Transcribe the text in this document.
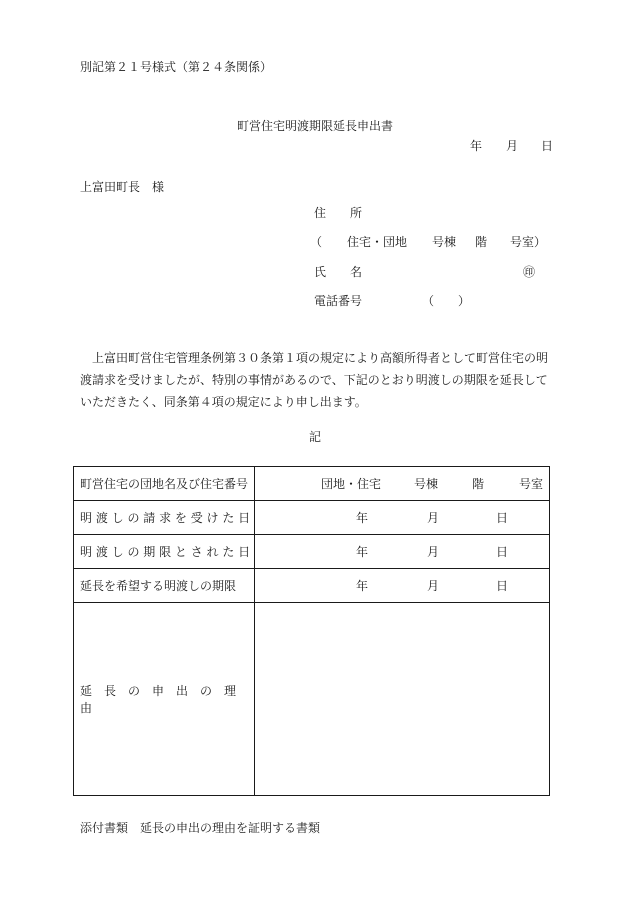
別記第２１号様式（第２４条関係）
町営住宅明渡期限延長申出書
年 月 日
上富田町長　様
住　　所
（ 住宅・団地 号棟 階 号室）
氏　　名	㊞
電話番号	（　　）
上富田町営住宅管理条例第３０条第１項の規定により高額所得者として町営住宅の明渡請求を受けましたが、特別の事情があるので、下記のとおり明渡しの期限を延長していただきたく、同条第４項の規定により申し出ます。
記
町営住宅の団地名及び住宅番号	団地・住宅 号棟 階 号室

明 渡 し の 請 求 を 受 け た 日	年 月 日

明 渡 し の 期 限 と さ れ た 日	年 月 日

延長を希望する明渡しの期限	年 月 日

延　長　の　申　出　の　理　由	
添付書類　延長の申出の理由を証明する書類
